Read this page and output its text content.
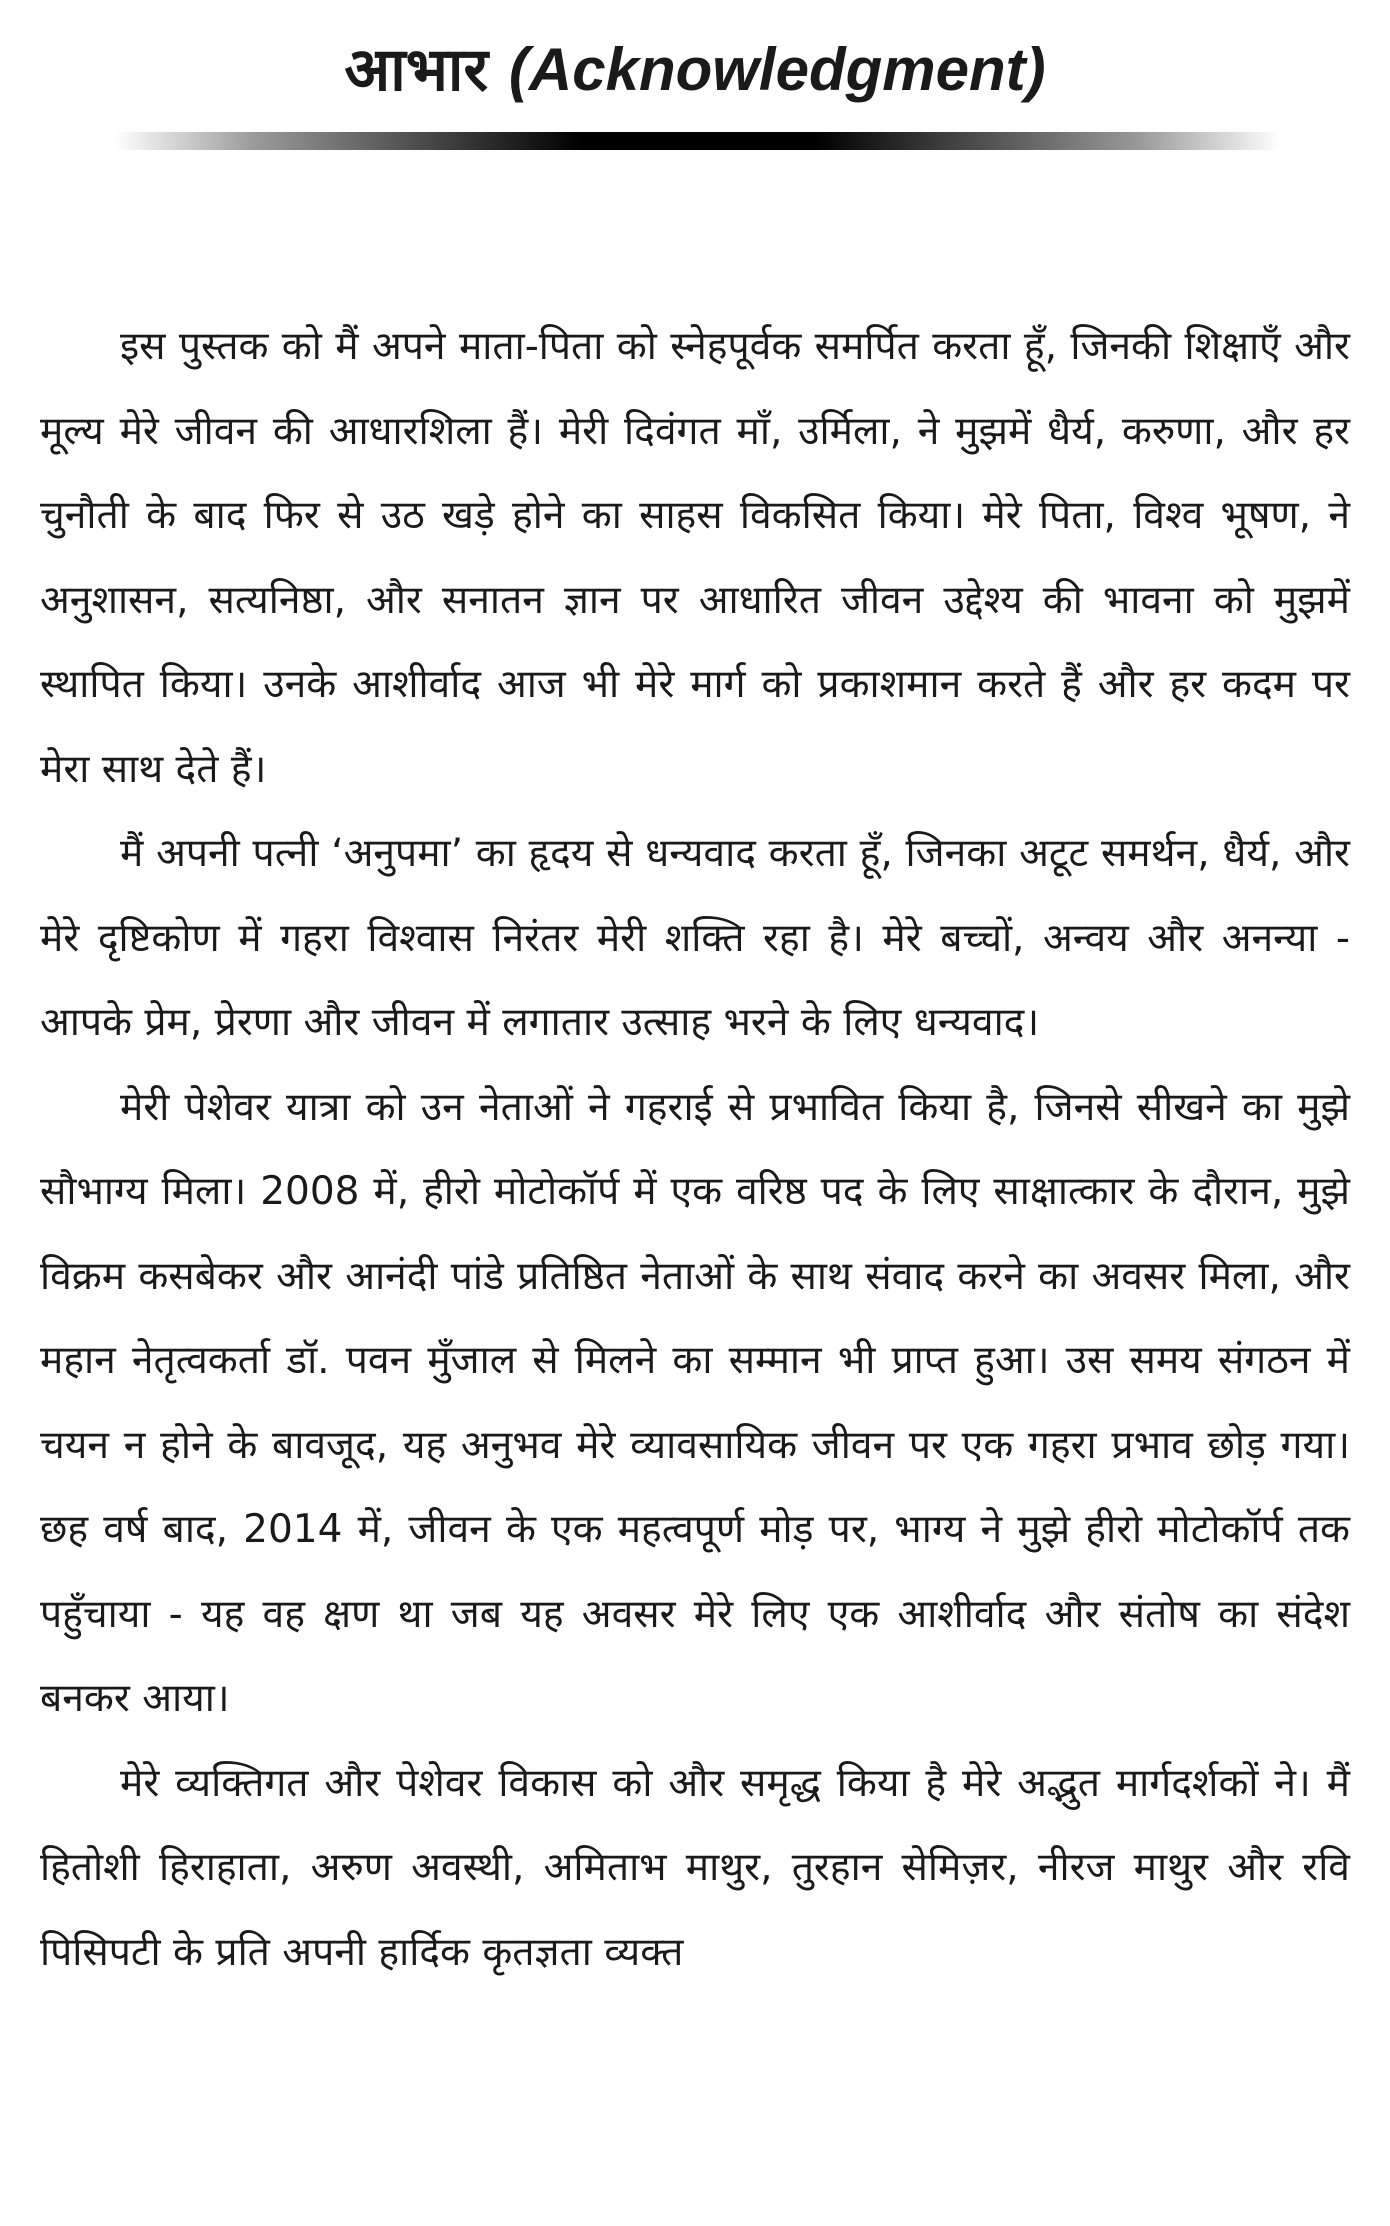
आभार (Acknowledgment)

इस पुस्तक को मैं अपने माता-पिता को स्नेहपूर्वक समर्पित करता हूँ, जिनकी शिक्षाएँ और मूल्य मेरे जीवन की आधारशिला हैं। मेरी दिवंगत माँ, उर्मिला, ने मुझमें धैर्य, करुणा, और हर चुनौती के बाद फिर से उठ खड़े होने का साहस विकसित किया। मेरे पिता, विश्व भूषण, ने अनुशासन, सत्यनिष्ठा, और सनातन ज्ञान पर आधारित जीवन उद्देश्य की भावना को मुझमें स्थापित किया। उनके आशीर्वाद आज भी मेरे मार्ग को प्रकाशमान करते हैं और हर कदम पर मेरा साथ देते हैं।

मैं अपनी पत्नी ‘अनुपमा’ का हृदय से धन्यवाद करता हूँ, जिनका अटूट समर्थन, धैर्य, और मेरे दृष्टिकोण में गहरा विश्वास निरंतर मेरी शक्ति रहा है। मेरे बच्चों, अन्वय और अनन्या - आपके प्रेम, प्रेरणा और जीवन में लगातार उत्साह भरने के लिए धन्यवाद।

मेरी पेशेवर यात्रा को उन नेताओं ने गहराई से प्रभावित किया है, जिनसे सीखने का मुझे सौभाग्य मिला। 2008 में, हीरो मोटोकॉर्प में एक वरिष्ठ पद के लिए साक्षात्कार के दौरान, मुझे विक्रम कसबेकर और आनंदी पांडे प्रतिष्ठित नेताओं के साथ संवाद करने का अवसर मिला, और महान नेतृत्वकर्ता डॉ. पवन मुँजाल से मिलने का सम्मान भी प्राप्त हुआ। उस समय संगठन में चयन न होने के बावजूद, यह अनुभव मेरे व्यावसायिक जीवन पर एक गहरा प्रभाव छोड़ गया। छह वर्ष बाद, 2014 में, जीवन के एक महत्वपूर्ण मोड़ पर, भाग्य ने मुझे हीरो मोटोकॉर्प तक पहुँचाया - यह वह क्षण था जब यह अवसर मेरे लिए एक आशीर्वाद और संतोष का संदेश बनकर आया।

मेरे व्यक्तिगत और पेशेवर विकास को और समृद्ध किया है मेरे अद्भुत मार्गदर्शकों ने। मैं हितोशी हिराहाता, अरुण अवस्थी, अमिताभ माथुर, तुरहान सेमिज़र, नीरज माथुर और रवि पिसिपटी के प्रति अपनी हार्दिक कृतज्ञता व्यक्त
